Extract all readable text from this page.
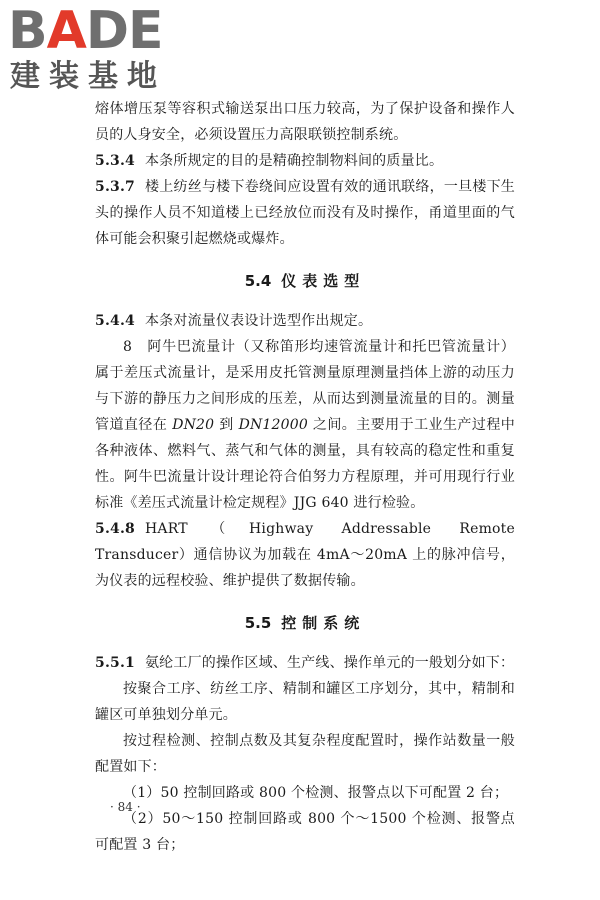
BADE
建装基地

熔体增压泵等容积式输送泵出口压力较高，为了保护设备和操作人员的人身安全，必须设置压力高限联锁控制系统。

5.3.4 本条所规定的目的是精确控制物料间的质量比。

5.3.7 楼上纺丝与楼下卷绕间应设置有效的通讯联络，一旦楼下生头的操作人员不知道楼上已经放位而没有及时操作，甬道里面的气体可能会积聚引起燃烧或爆炸。

5.4 仪表选型

5.4.4 本条对流量仪表设计选型作出规定。

8　阿牛巴流量计（又称笛形均速管流量计和托巴管流量计）属于差压式流量计，是采用皮托管测量原理测量挡体上游的动压力与下游的静压力之间形成的压差，从而达到测量流量的目的。测量管道直径在 DN20 到 DN12000 之间。主要用于工业生产过程中各种液体、燃料气、蒸气和气体的测量，具有较高的稳定性和重复性。阿牛巴流量计设计理论符合伯努力方程原理，并可用现行行业标准《差压式流量计检定规程》JJG 640 进行检验。

5.4.8 HART（Highway Addressable Remote Transducer）通信协议为加载在 4mA～20mA 上的脉冲信号，为仪表的远程校验、维护提供了数据传输。

5.5 控制系统

5.5.1 氨纶工厂的操作区域、生产线、操作单元的一般划分如下：

按聚合工序、纺丝工序、精制和罐区工序划分，其中，精制和罐区可单独划分单元。

按过程检测、控制点数及其复杂程度配置时，操作站数量一般配置如下：

（1）50 控制回路或 800 个检测、报警点以下可配置 2 台；

（2）50～150 控制回路或 800 个～1500 个检测、报警点可配置 3 台；

· 84 ·
